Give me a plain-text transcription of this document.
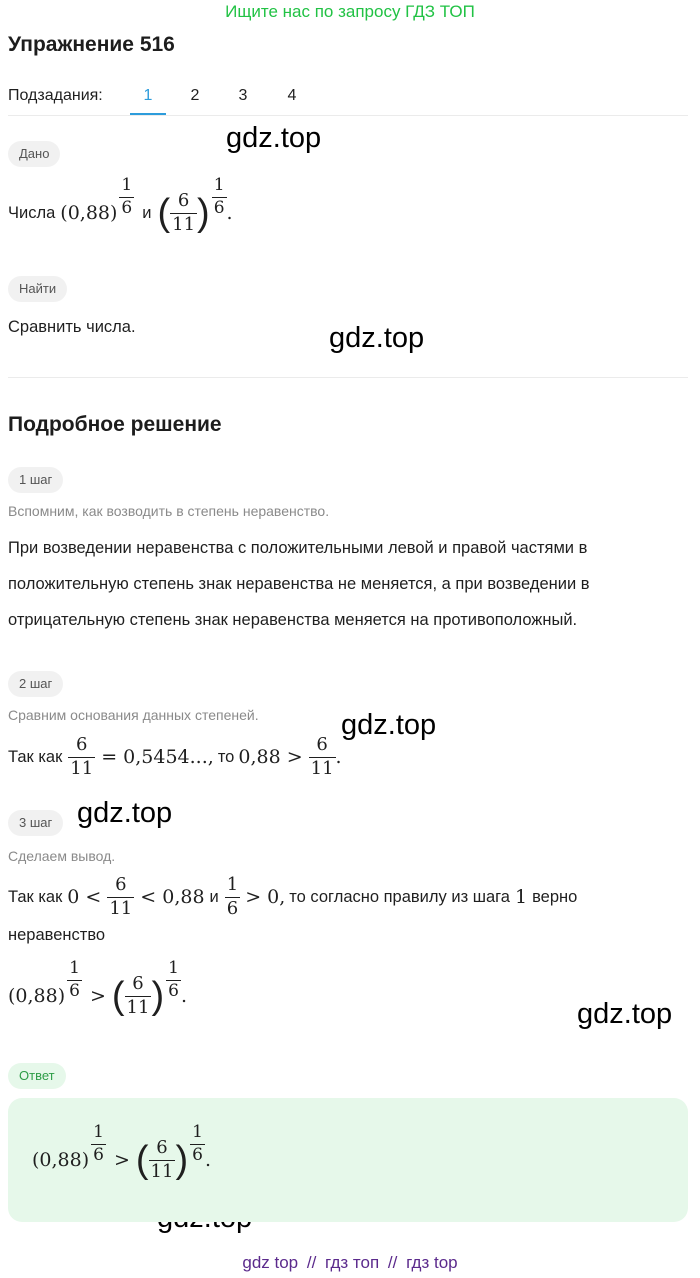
Ищите нас по запросу ГДЗ ТОП
Упражнение 516
Подзадания:	1	2	3	4
gdz.top
gdz.top
gdz.top
gdz.top
gdz.top
Дано
Числа $(0,88) \frac{1}{6}$ и ( $\frac{6}{11}$ ) $\frac{1}{6}$ .
Найти
Сравнить числа.
Подробное решение
1 шаг
Вспомним, как возводить в степень неравенство.
При возведении неравенства с положительными левой и правой частями в
положительную степень знак неравенства не меняется, а при возведении в
отрицательную степень знак неравенства меняется на противоположный.
2 шаг
Сравним основания данных степеней.
Так как $\frac{6}{11} = 0,5454$..., то $0,88 > \frac{6}{11}$ .
3 шаг
Сделаем вывод.
Так как $0 < \frac{6}{11} < 0,88$ и $\frac{1}{6} > 0$, то согласно правилу из шага 1 верно
неравенство
$(0,88) \frac{1}{6}$ > ( $\frac{6}{11}$ ) $\frac{1}{6}$ .
Ответ
$(0,88) \frac{1}{6}$ > ( $\frac{6}{11}$ ) $\frac{1}{6}$ .
gdz top // гдз топ // гдз top
